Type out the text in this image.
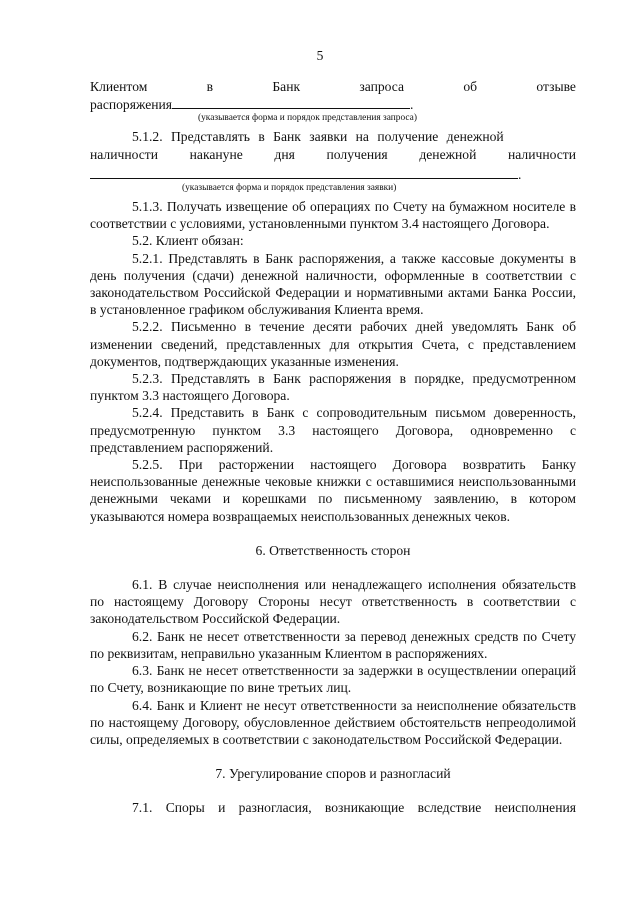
5
Клиентом	в	Банк	запроса	об	отзыве
распоряжения	.
(указывается форма и порядок представления запроса)
5.1.2. Представлять в Банк заявки на получение денежной
наличности накануне дня получения денежной наличности
.
(указывается форма и порядок представления заявки)

5.1.3. Получать извещение об операциях по Счету на бумажном носителе в соответствии с условиями, установленными пунктом 3.4 настоящего Договора.

5.2. Клиент обязан:

5.2.1. Представлять в Банк распоряжения, а также кассовые документы в день получения (сдачи) денежной наличности, оформленные в соответствии с законодательством Российской Федерации и нормативными актами Банка России, в установленное графиком обслуживания Клиента время.

5.2.2. Письменно в течение десяти рабочих дней уведомлять Банк об изменении сведений, представленных для открытия Счета, с представлением документов, подтверждающих указанные изменения.

5.2.3. Представлять в Банк распоряжения в порядке, предусмотренном пунктом 3.3 настоящего Договора.

5.2.4. Представить в Банк с сопроводительным письмом доверенность, предусмотренную пунктом 3.3 настоящего Договора, одновременно с представлением распоряжений.

5.2.5. При расторжении настоящего Договора возвратить Банку неиспользованные денежные чековые книжки с оставшимися неиспользованными денежными чеками и корешками по письменному заявлению, в котором указываются номера возвращаемых неиспользованных денежных чеков.

6. Ответственность сторон

6.1. В случае неисполнения или ненадлежащего исполнения обязательств по настоящему Договору Стороны несут ответственность в соответствии с законодательством Российской Федерации.

6.2. Банк не несет ответственности за перевод денежных средств по Счету по реквизитам, неправильно указанным Клиентом в распоряжениях.

6.3. Банк не несет ответственности за задержки в осуществлении операций по Счету, возникающие по вине третьих лиц.

6.4. Банк и Клиент не несут ответственности за неисполнение обязательств по настоящему Договору, обусловленное действием обстоятельств непреодолимой силы, определяемых в соответствии с законодательством Российской Федерации.

7. Урегулирование споров и разногласий

7.1. Споры и разногласия, возникающие вследствие неисполнения
